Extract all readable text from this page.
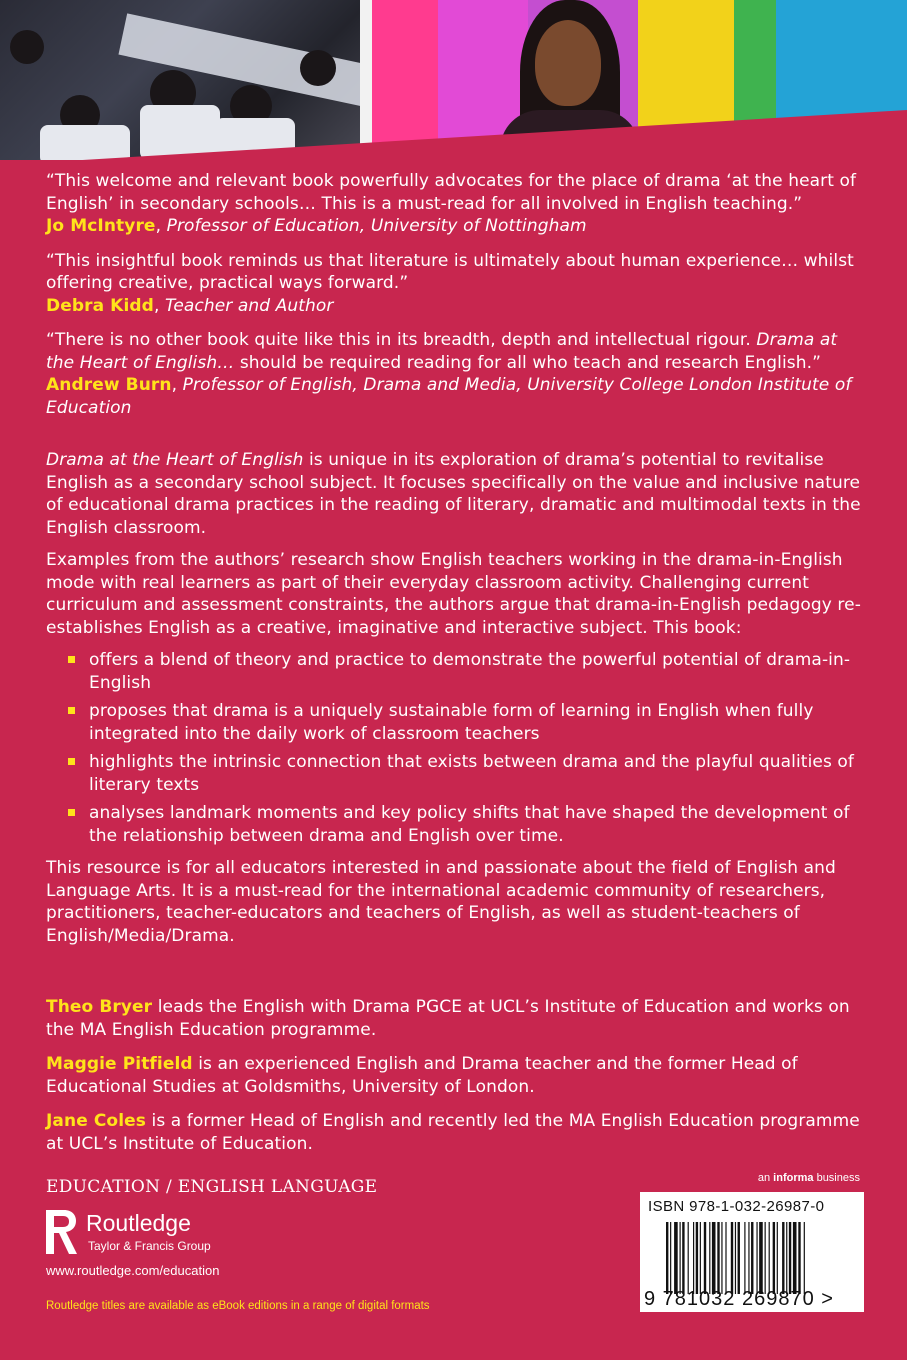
“This welcome and relevant book powerfully advocates for the place of drama ‘at the heart of English’ in secondary schools… This is a must-read for all involved in English teaching.”
Jo McIntyre, Professor of Education, University of Nottingham

“This insightful book reminds us that literature is ultimately about human experience… whilst offering creative, practical ways forward.”
Debra Kidd, Teacher and Author

“There is no other book quite like this in its breadth, depth and intellectual rigour. Drama at the Heart of English… should be required reading for all who teach and research English.”
Andrew Burn, Professor of English, Drama and Media, University College London Institute of Education

Drama at the Heart of English is unique in its exploration of drama’s potential to revitalise English as a secondary school subject. It focuses specifically on the value and inclusive nature of educational drama practices in the reading of literary, dramatic and multimodal texts in the English classroom.

Examples from the authors’ research show English teachers working in the drama-in-English mode with real learners as part of their everyday classroom activity. Challenging current curriculum and assessment constraints, the authors argue that drama-in-English pedagogy re-establishes English as a creative, imaginative and interactive subject. This book:

offers a blend of theory and practice to demonstrate the powerful potential of drama-in-English
proposes that drama is a uniquely sustainable form of learning in English when fully integrated into the daily work of classroom teachers
highlights the intrinsic connection that exists between drama and the playful qualities of literary texts
analyses landmark moments and key policy shifts that have shaped the development of the relationship between drama and English over time.

This resource is for all educators interested in and passionate about the field of English and Language Arts. It is a must-read for the international academic community of researchers, practitioners, teacher-educators and teachers of English, as well as student-teachers of English/Media/Drama.

Theo Bryer leads the English with Drama PGCE at UCL’s Institute of Education and works on the MA English Education programme.

Maggie Pitfield is an experienced English and Drama teacher and the former Head of Educational Studies at Goldsmiths, University of London.

Jane Coles is a former Head of English and recently led the MA English Education programme at UCL’s Institute of Education.

EDUCATION / ENGLISH LANGUAGE
Routledge
Taylor & Francis Group
www.routledge.com/education
Routledge titles are available as eBook editions in a range of digital formats
an informa business
ISBN 978-1-032-26987-0
9 781032 269870 >
